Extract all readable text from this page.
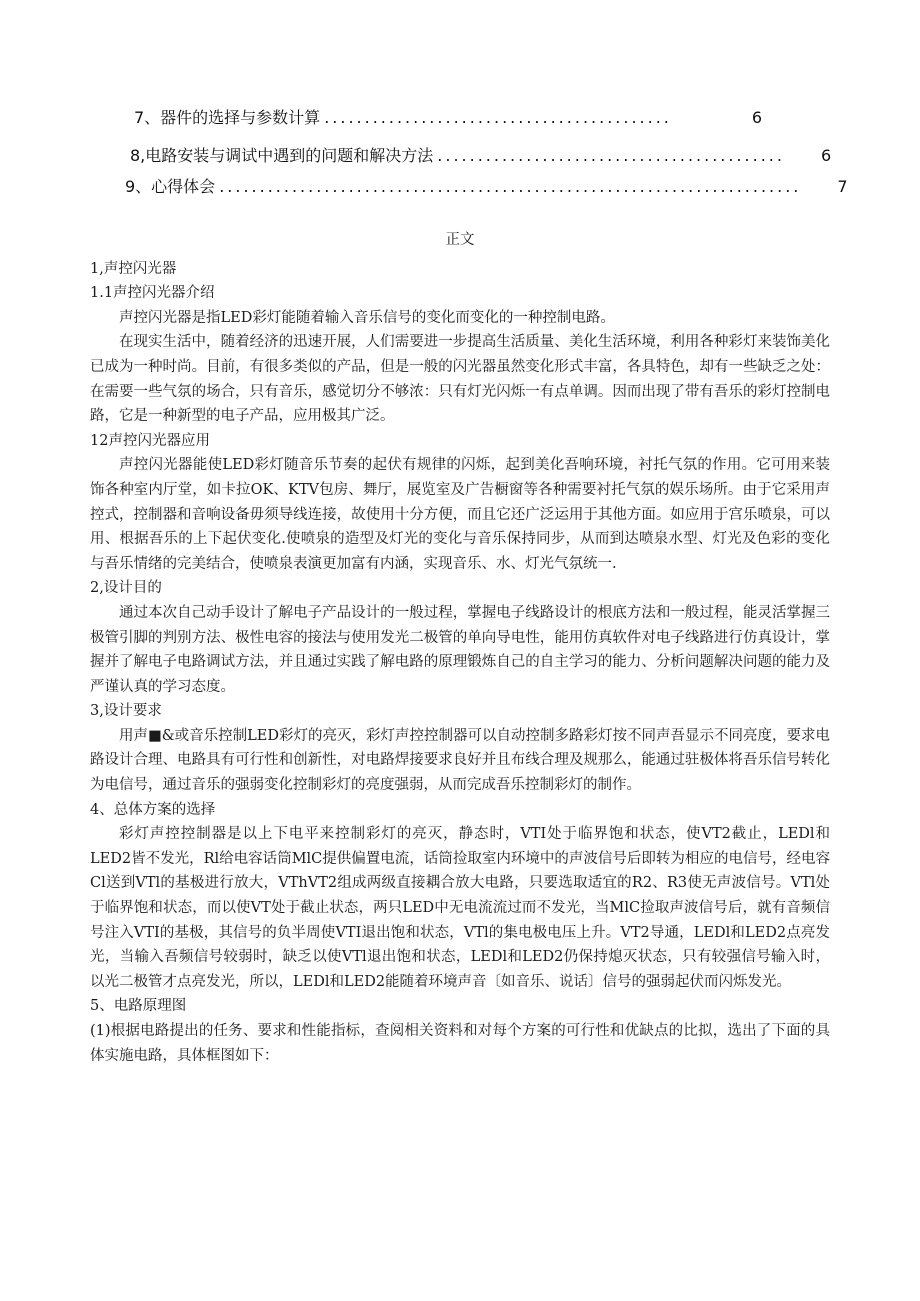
7、器件的选择与参数计算 ...........................................	6
8,电路安装与调试中遇到的问题和解决方法 ...........................................	6
9、心得体会 ........................................................................	7
正文
1,声控闪光器
1.1声控闪光器介绍

声控闪光器是指LED彩灯能随着输入音乐信号的变化而变化的一种控制电路。

在现实生活中，随着经济的迅速开展，人们需要进一步提高生活质量、美化生活环境，利用各种彩灯来装饰美化已成为一种时尚。目前，有很多类似的产品，但是一般的闪光器虽然变化形式丰富，各具特色，却有一些缺乏之处：在需要一些气氛的场合，只有音乐，感觉切分不够浓：只有灯光闪烁一有点单调。因而出现了带有吾乐的彩灯控制电路，它是一种新型的电子产品，应用极其广泛。

12声控闪光器应用

声控闪光器能使LED彩灯随音乐节奏的起伏有规律的闪烁，起到美化吾响环境，衬托气氛的作用。它可用来装饰各种室内厅堂，如卡拉OK、KTV包房、舞厅，展览室及广告橱窗等各种需要衬托气氛的娱乐场所。由于它采用声控式，控制器和音响设备毋须导线连接，故使用十分方便，而且它还广泛运用于其他方面。如应用于宫乐喷泉，可以用、根据吾乐的上下起伏变化.使喷泉的造型及灯光的变化与音乐保持同步，从而到达喷泉水型、灯光及色彩的变化与吾乐情绪的完美结合，使喷泉表演更加富有内涵，实现音乐、水、灯光气氛统一.

2,设计目的

通过本次自己动手设计了解电子产品设计的一般过程，掌握电子线路设计的根底方法和一般过程，能灵活掌握三极管引脚的判别方法、极性电容的接法与使用发光二极管的单向导电性，能用仿真软件对电子线路进行仿真设计，掌握并了解电子电路调试方法，并且通过实践了解电路的原理锻炼自己的自主学习的能力、分析问题解决问题的能力及严谨认真的学习态度。

3,设计要求

用声■&或音乐控制LED彩灯的亮灭，彩灯声控控制器可以自动控制多路彩灯按不同声吾显示不同亮度，要求电路设计合理、电路具有可行性和创新性，对电路焊接要求良好并且布线合理及规那么，能通过驻极体将吾乐信号转化为电信号，通过音乐的强弱变化控制彩灯的亮度强弱，从而完成吾乐控制彩灯的制作。

4、总体方案的选择

彩灯声控控制器是以上下电平来控制彩灯的亮灭，静态时，VTI处于临界饱和状态，使VT2截止，LEDl和LED2皆不发光，Rl给电容话筒MlC提供偏置电流，话筒捡取室内环境中的声波信号后即转为相应的电信号，经电容Cl送到VTl的基极进行放大，VThVT2组成两级直接耦合放大电路，只要选取适宜的R2、R3使无声波信号。VTl处于临界饱和状态，而以使VT处于截止状态，两只LED中无电流流过而不发光，当MlC捡取声波信号后，就有音频信号注入VTI的基极，其信号的负半周使VTI退出饱和状态，VTl的集电极电压上升。VT2导通，LEDl和LED2点亮发光，当输入吾频信号较弱时，缺乏以使VTl退出饱和状态，LEDl和LED2仍保持熄灭状态，只有较强信号输入时，以光二极管才点亮发光，所以，LEDl和LED2能随着环境声音〔如音乐、说话〕信号的强弱起伏而闪烁发光。

5、电路原理图

(1)根据电路提出的任务、要求和性能指标，查阅相关资料和对每个方案的可行性和优缺点的比拟，选出了下面的具体实施电路，具体框图如下：
